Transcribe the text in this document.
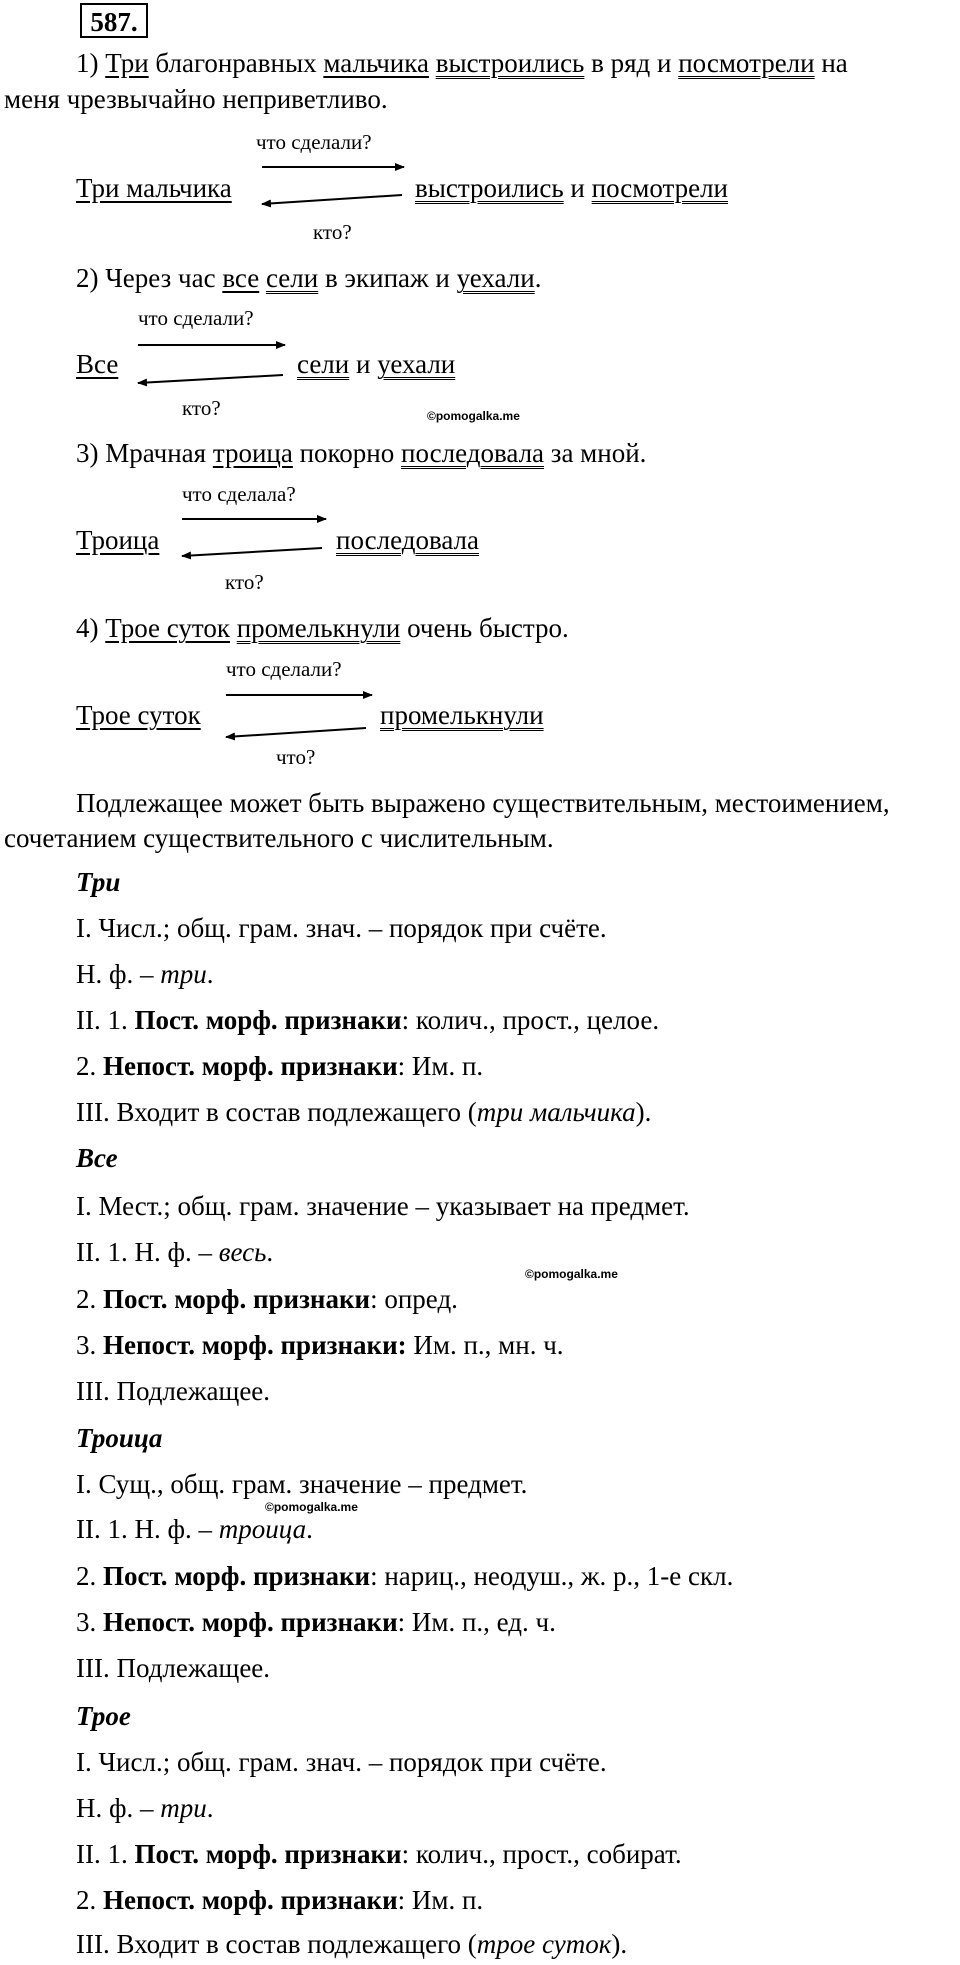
587.
1) Три благонравных мальчика выстроились в ряд и посмотрели на
меня чрезвычайно неприветливо.
что сделали?
Три мальчика	выстроились и посмотрели
кто?
2) Через час все сели в экипаж и уехали.
что сделали?
Все	сели и уехали
кто?	©pomogalka.me
3) Мрачная троица покорно последовала за мной.
что сделала?
Троица	последовала
кто?
4) Трое суток промелькнули очень быстро.
что сделали?
Трое суток	промелькнули
что?
Подлежащее может быть выражено существительным, местоимением,
сочетанием существительного с числительным.
Три
I. Числ.; общ. грам. знач. – порядок при счёте.
Н. ф. – три.
II. 1. Пост. морф. признаки: колич., прост., целое.
2. Непост. морф. признаки: Им. п.
III. Входит в состав подлежащего (три мальчика).
Все
I. Мест.; общ. грам. значение – указывает на предмет.
II. 1. Н. ф. – весь.
©pomogalka.me
2. Пост. морф. признаки: опред.
3. Непост. морф. признаки: Им. п., мн. ч.
III. Подлежащее.
Троица
I. Сущ., общ. грам. значение – предмет.
©pomogalka.me
II. 1. Н. ф. – троица.
2. Пост. морф. признаки: нариц., неодуш., ж. р., 1-е скл.
3. Непост. морф. признаки: Им. п., ед. ч.
III. Подлежащее.
Трое
I. Числ.; общ. грам. знач. – порядок при счёте.
Н. ф. – три.
II. 1. Пост. морф. признаки: колич., прост., собират.
2. Непост. морф. признаки: Им. п.
III. Входит в состав подлежащего (трое суток).
